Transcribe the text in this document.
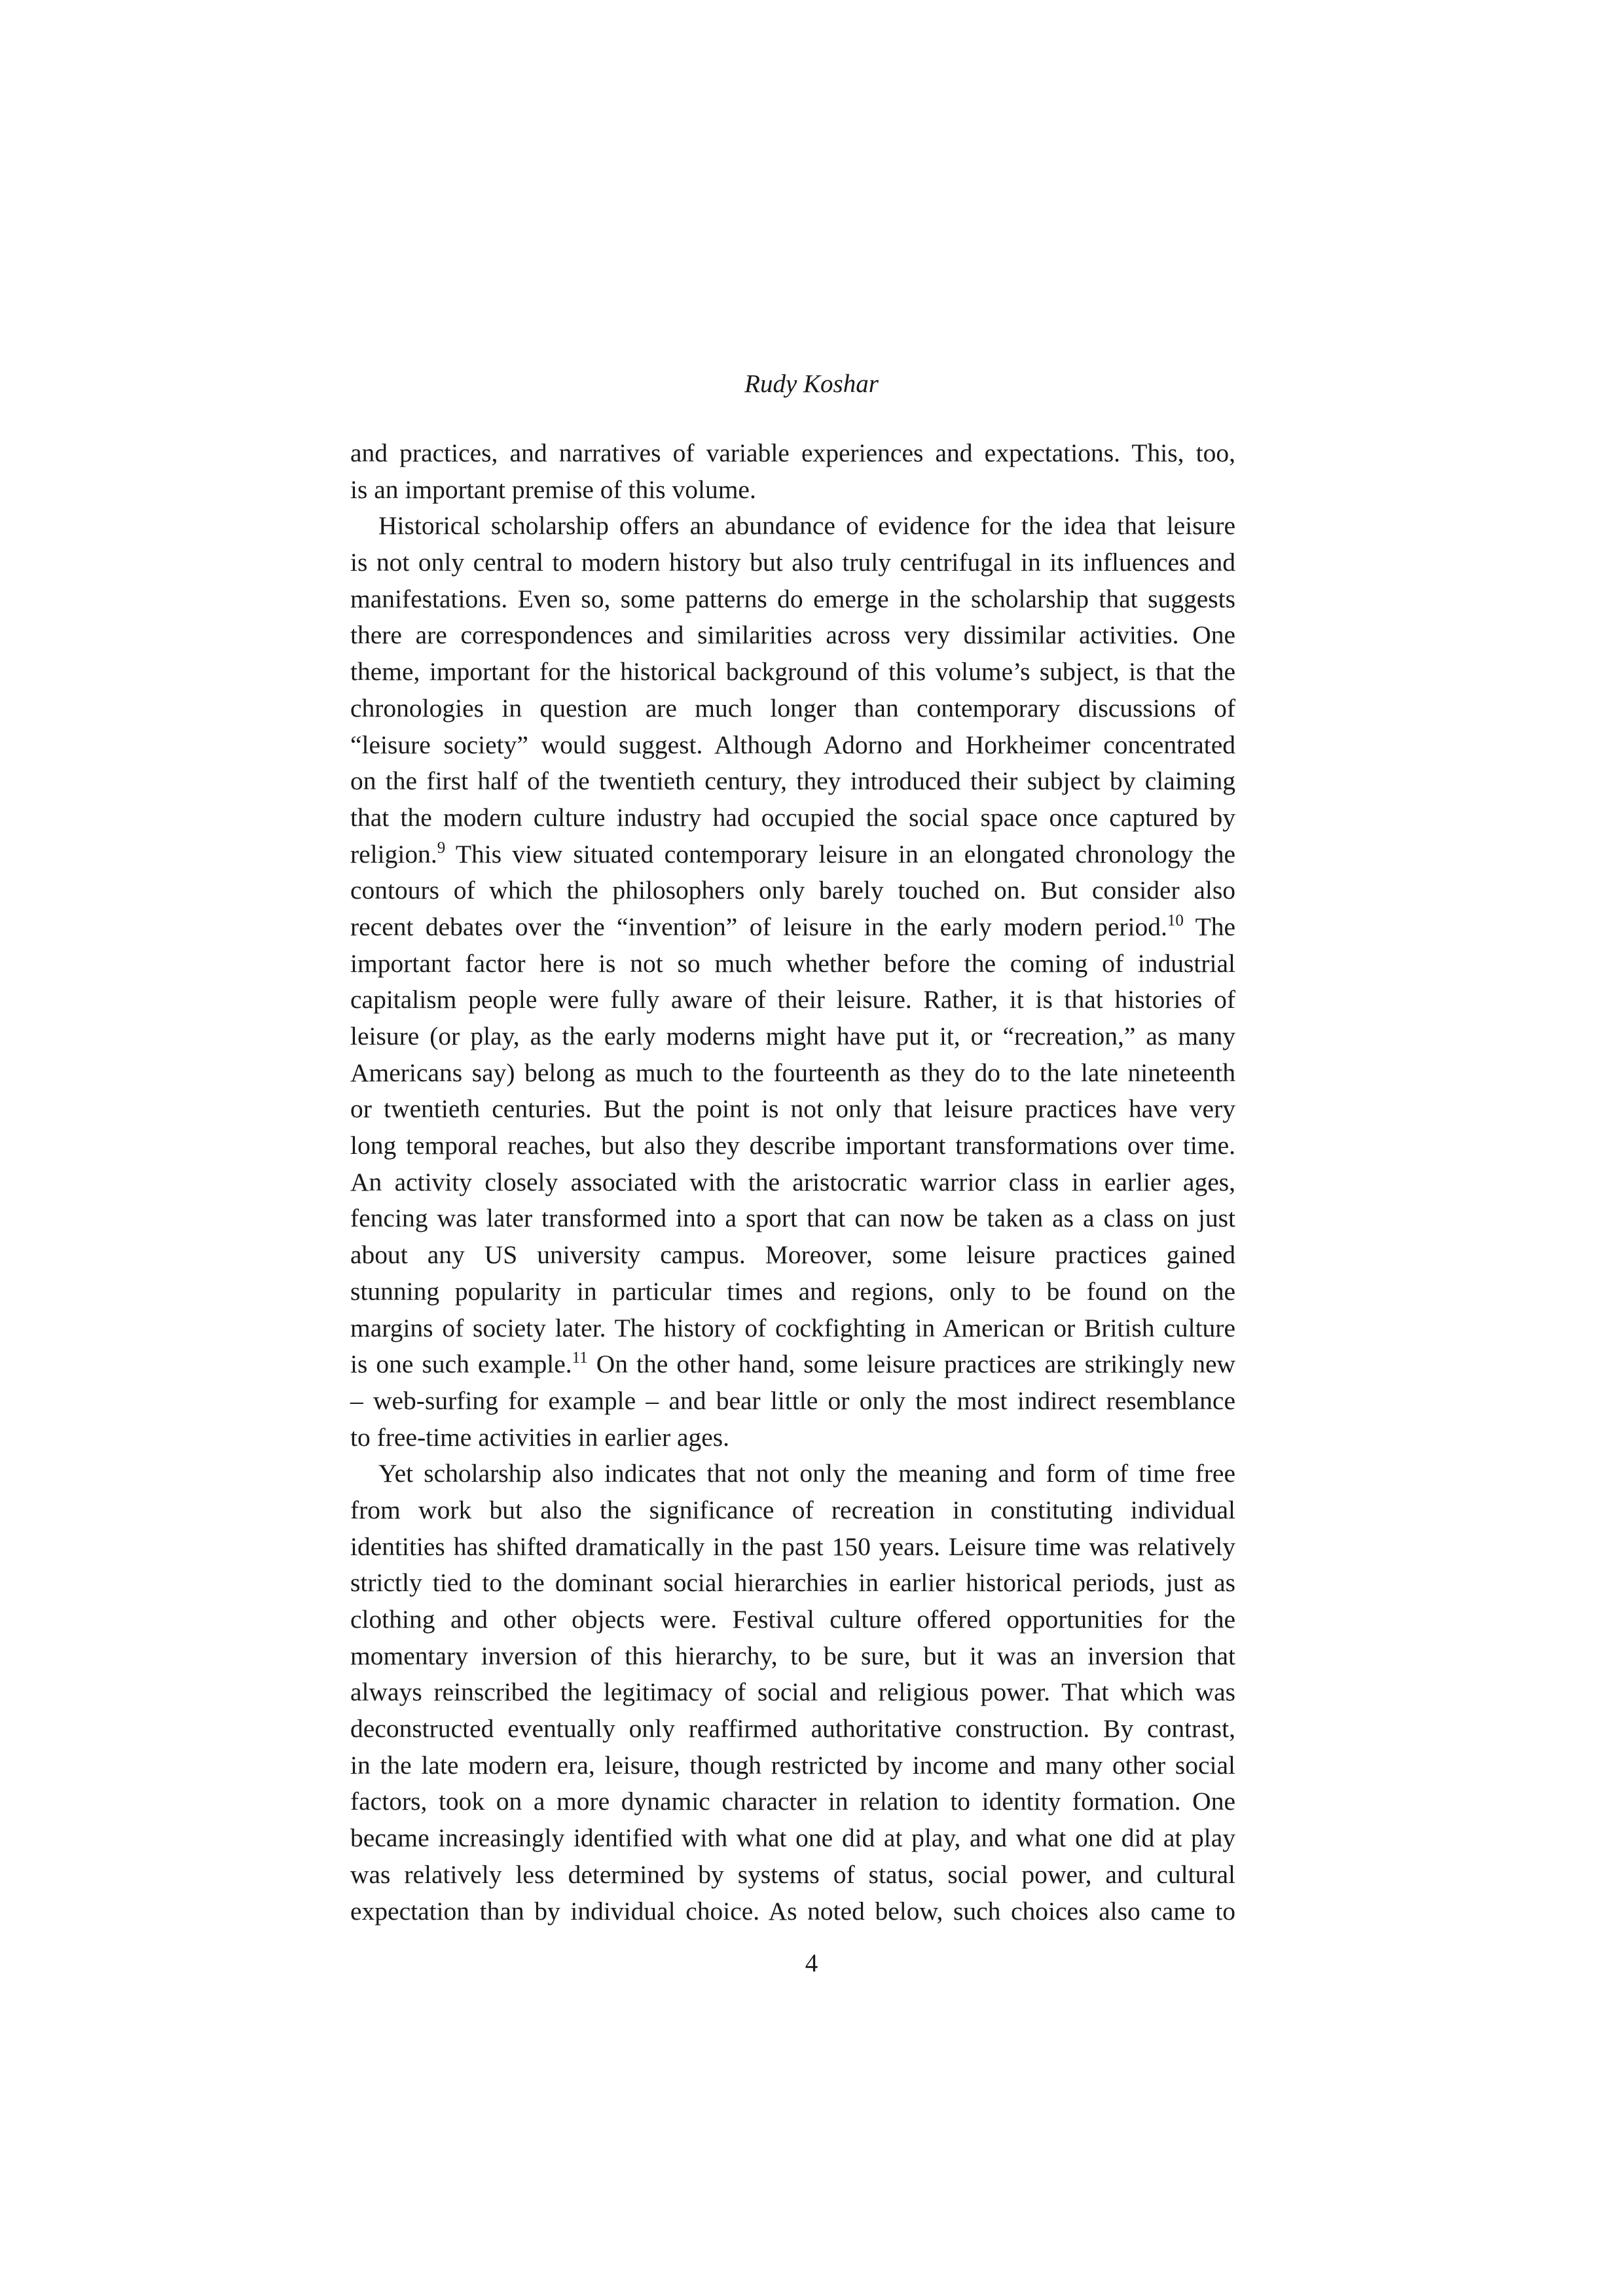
Rudy Koshar
and practices, and narratives of variable experiences and expectations. This, too,
is an important premise of this volume.
Historical scholarship offers an abundance of evidence for the idea that leisure
is not only central to modern history but also truly centrifugal in its influences and
manifestations. Even so, some patterns do emerge in the scholarship that suggests
there are correspondences and similarities across very dissimilar activities. One
theme, important for the historical background of this volume’s subject, is that the
chronologies in question are much longer than contemporary discussions of
“leisure society” would suggest. Although Adorno and Horkheimer concentrated
on the first half of the twentieth century, they introduced their subject by claiming
that the modern culture industry had occupied the social space once captured by
religion.$^9$ This view situated contemporary leisure in an elongated chronology the
contours of which the philosophers only barely touched on. But consider also
recent debates over the “invention” of leisure in the early modern period.$^{10}$ The
important factor here is not so much whether before the coming of industrial
capitalism people were fully aware of their leisure. Rather, it is that histories of
leisure (or play, as the early moderns might have put it, or “recreation,” as many
Americans say) belong as much to the fourteenth as they do to the late nineteenth
or twentieth centuries. But the point is not only that leisure practices have very
long temporal reaches, but also they describe important transformations over time.
An activity closely associated with the aristocratic warrior class in earlier ages,
fencing was later transformed into a sport that can now be taken as a class on just
about any US university campus. Moreover, some leisure practices gained
stunning popularity in particular times and regions, only to be found on the
margins of society later. The history of cockfighting in American or British culture
is one such example.$^{11}$ On the other hand, some leisure practices are strikingly new
– web-surfing for example – and bear little or only the most indirect resemblance
to free-time activities in earlier ages.
Yet scholarship also indicates that not only the meaning and form of time free
from work but also the significance of recreation in constituting individual
identities has shifted dramatically in the past 150 years. Leisure time was relatively
strictly tied to the dominant social hierarchies in earlier historical periods, just as
clothing and other objects were. Festival culture offered opportunities for the
momentary inversion of this hierarchy, to be sure, but it was an inversion that
always reinscribed the legitimacy of social and religious power. That which was
deconstructed eventually only reaffirmed authoritative construction. By contrast,
in the late modern era, leisure, though restricted by income and many other social
factors, took on a more dynamic character in relation to identity formation. One
became increasingly identified with what one did at play, and what one did at play
was relatively less determined by systems of status, social power, and cultural
expectation than by individual choice. As noted below, such choices also came to
4
